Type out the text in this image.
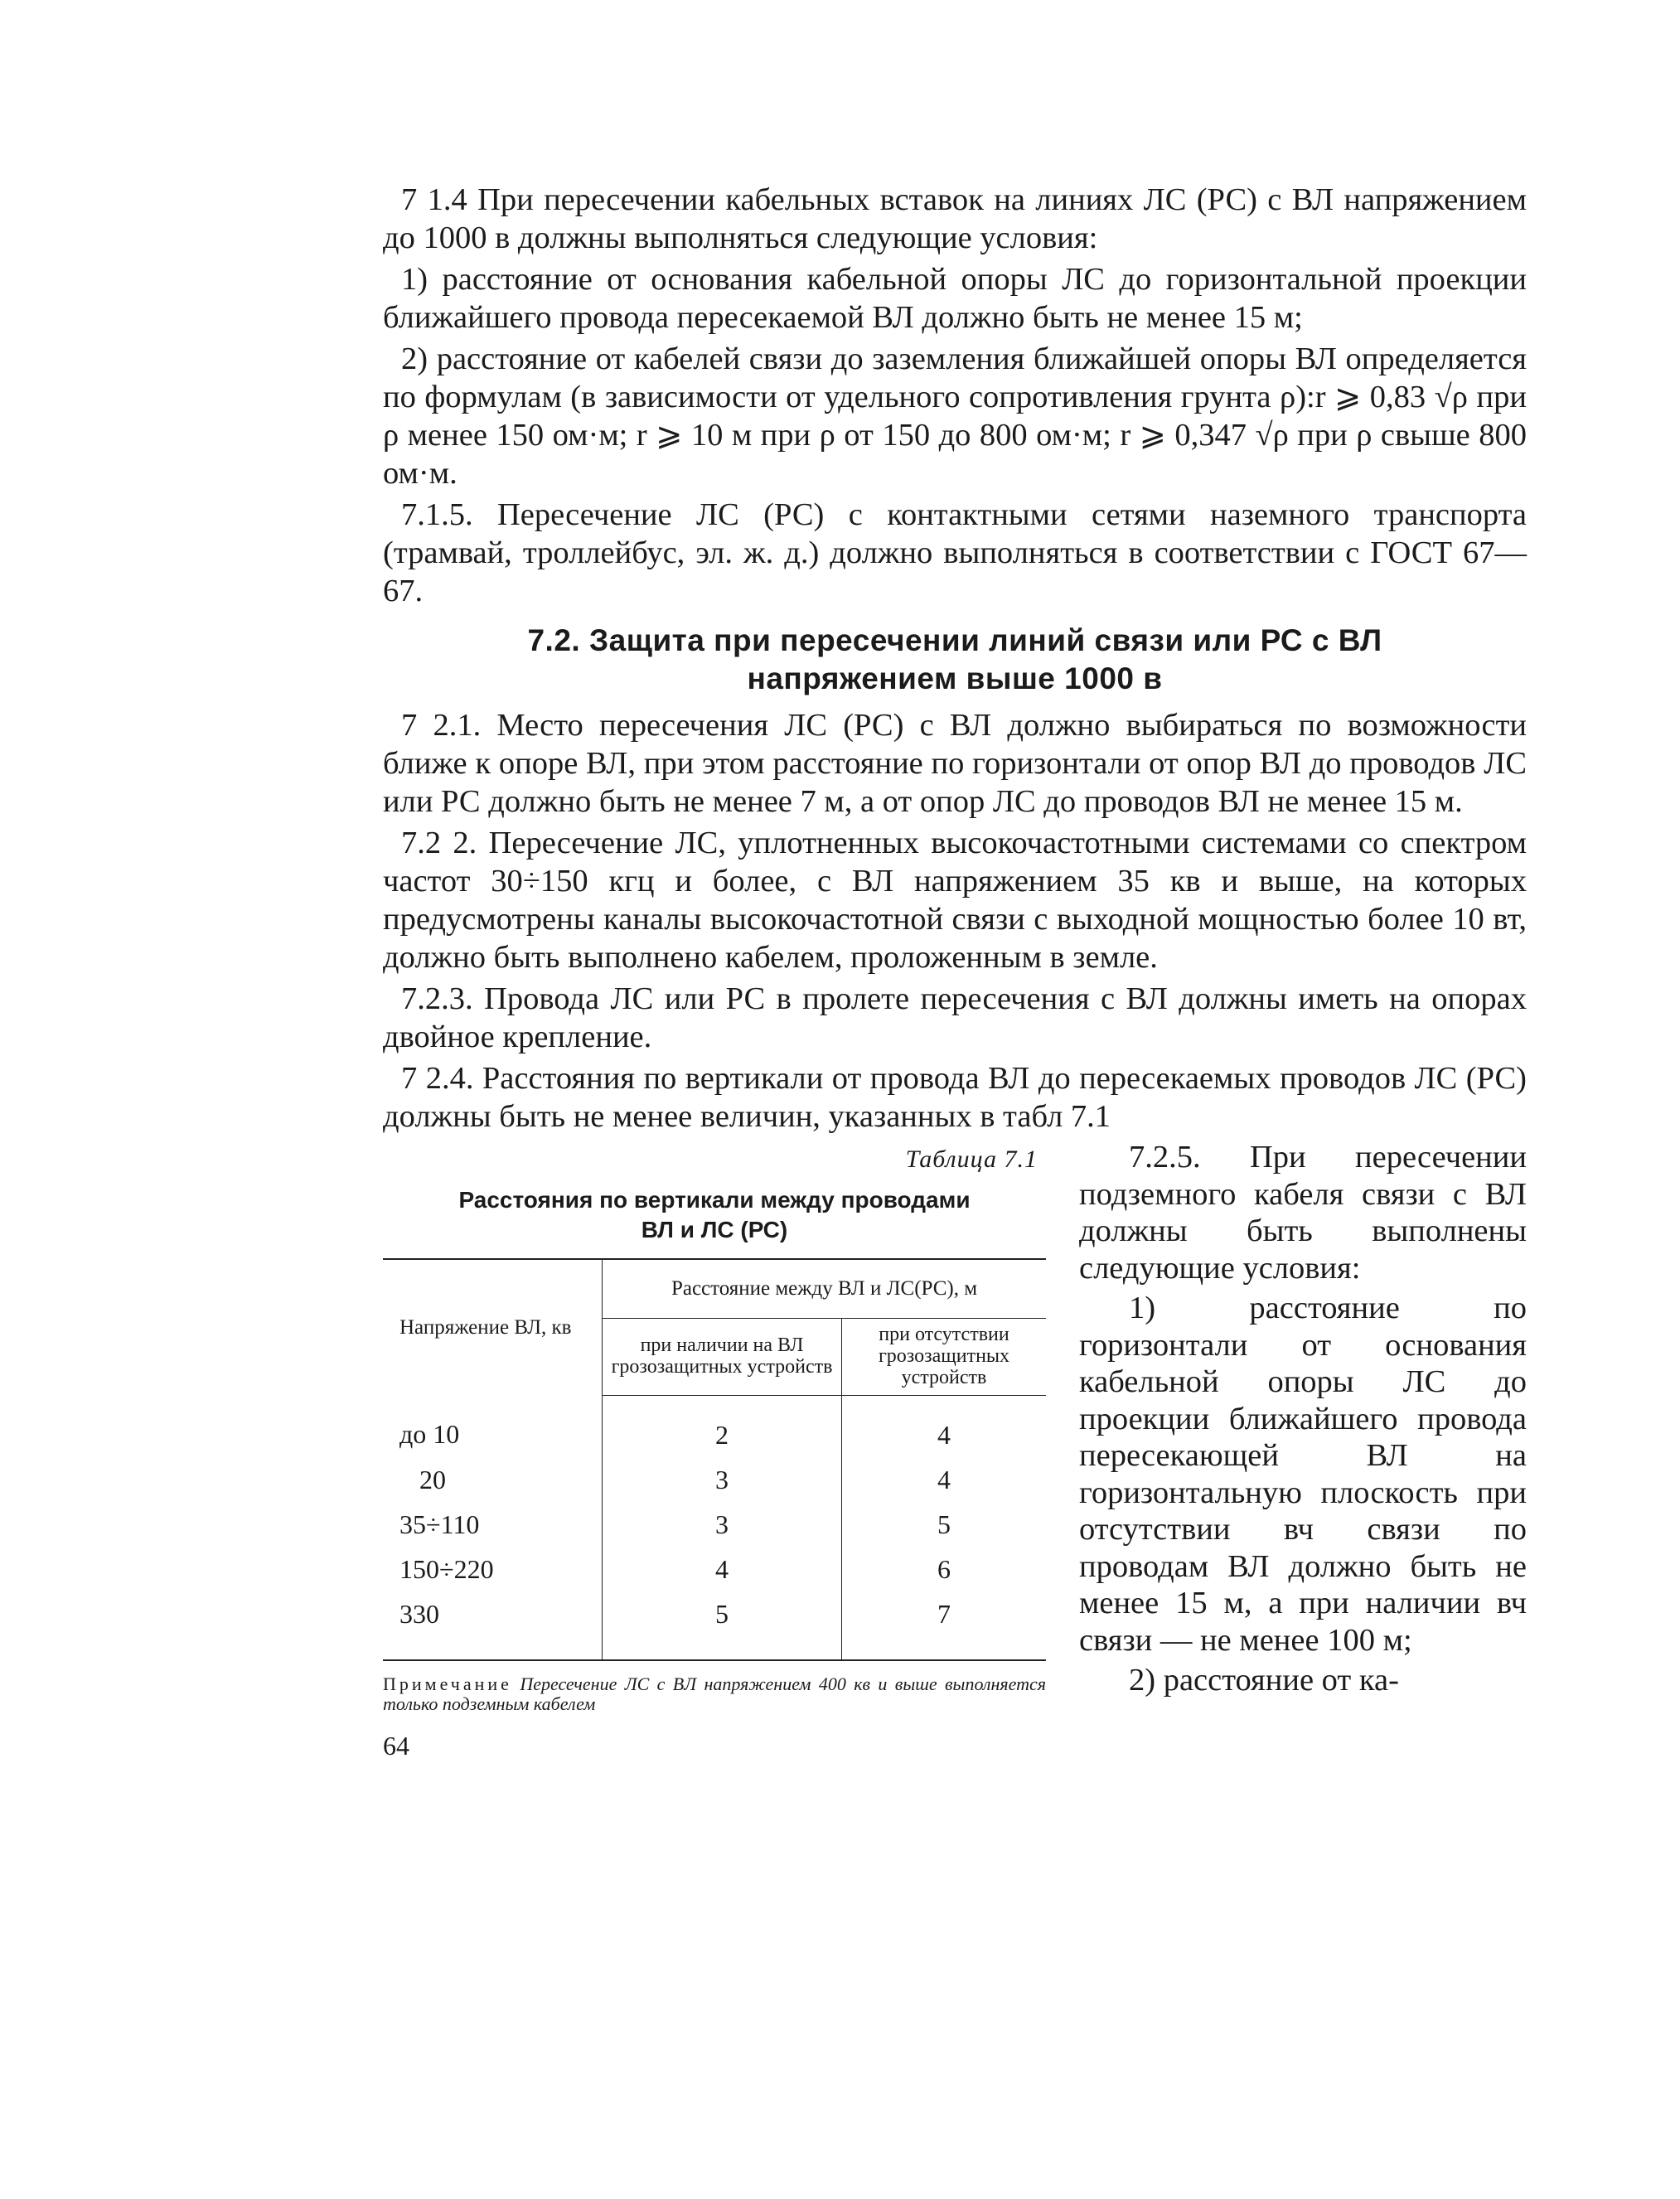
7 1.4 При пересечении кабельных вставок на линиях ЛС (РС) с ВЛ напряжением до 1000 в должны выполняться следующие условия:

1) расстояние от основания кабельной опоры ЛС до горизонтальной проекции ближайшего провода пересекаемой ВЛ должно быть не менее 15 м;

2) расстояние от кабелей связи до заземления ближайшей опоры ВЛ определяется по формулам (в зависимости от удельного сопротивления грунта ρ):r ⩾ 0,83 √ρ при ρ менее 150 ом·м; r ⩾ 10 м при ρ от 150 до 800 ом·м; r ⩾ 0,347 √ρ при ρ свыше 800 ом·м.

7.1.5. Пересечение ЛС (РС) с контактными сетями наземного транспорта (трамвай, троллейбус, эл. ж. д.) должно выполняться в соответствии с ГОСТ 67—67.

7.2. Защита при пересечении линий связи или РС с ВЛ
напряжением выше 1000 в

7 2.1. Место пересечения ЛС (РС) с ВЛ должно выбираться по возможности ближе к опоре ВЛ, при этом расстояние по горизонтали от опор ВЛ до проводов ЛС или РС должно быть не менее 7 м, а от опор ЛС до проводов ВЛ не менее 15 м.

7.2 2. Пересечение ЛС, уплотненных высокочастотными системами со спектром частот 30÷150 кгц и более, с ВЛ напряжением 35 кв и выше, на которых предусмотрены каналы высокочастотной связи с выходной мощностью более 10 вт, должно быть выполнено кабелем, проложенным в земле.

7.2.3. Провода ЛС или РС в пролете пересечения с ВЛ должны иметь на опорах двойное крепление.

7 2.4. Расстояния по вертикали от провода ВЛ до пересекаемых проводов ЛС (РС) должны быть не менее величин, указанных в табл 7.1

Таблица 7.1
Расстояния по вертикали между проводами
ВЛ и ЛС (РС)
Напряжение ВЛ, кв	Расстояние между ВЛ и ЛС(РС), м	
	при наличии на ВЛ грозозащитных устройств	при отсутствии грозозащитных устройств
до 10	2	4
20	3	4
35÷110	3	5
150÷220	4	6
330	5	7

Примечание Пересечение ЛС с ВЛ напряжением 400 кв и выше выполняется только подземным кабелем

64

7.2.5. При пересечении подземного кабеля связи с ВЛ должны быть выполнены следующие условия:

1) расстояние по горизонтали от основания кабельной опоры ЛС до проекции ближайшего провода пересекающей ВЛ на горизонтальную плоскость при отсутствии вч связи по проводам ВЛ должно быть не менее 15 м, а при наличии вч связи — не менее 100 м;

2) расстояние от ка-
